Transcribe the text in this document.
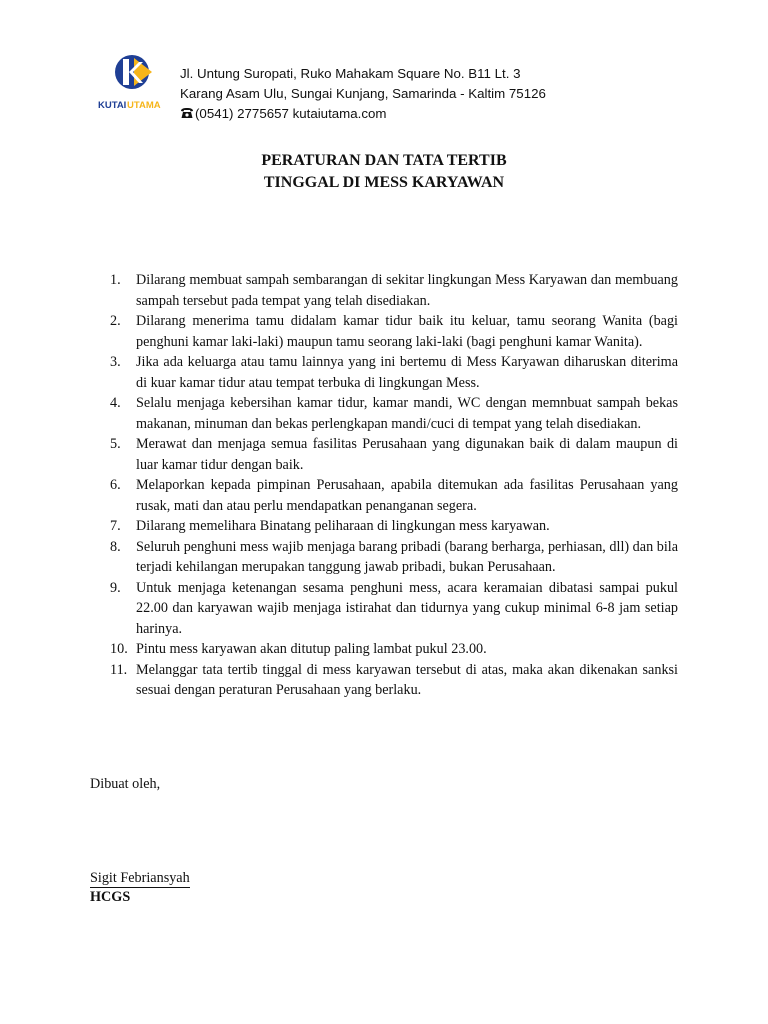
KUTAI UTAMA
Jl. Untung Suropati, Ruko Mahakam Square No. B11 Lt. 3
Karang Asam Ulu, Sungai Kunjang, Samarinda - Kaltim 75126
(0541) 2775657 kutaiutama.com
PERATURAN DAN TATA TERTIB
TINGGAL DI MESS KARYAWAN
1. Dilarang membuat sampah sembarangan di sekitar lingkungan Mess Karyawan dan membuang sampah tersebut pada tempat yang telah disediakan.
2. Dilarang menerima tamu didalam kamar tidur baik itu keluar, tamu seorang Wanita (bagi penghuni kamar laki-laki) maupun tamu seorang laki-laki (bagi penghuni kamar Wanita).
3. Jika ada keluarga atau tamu lainnya yang ini bertemu di Mess Karyawan diharuskan diterima di kuar kamar tidur atau tempat terbuka di lingkungan Mess.
4. Selalu menjaga kebersihan kamar tidur, kamar mandi, WC dengan memnbuat sampah bekas makanan, minuman dan bekas perlengkapan mandi/cuci di tempat yang telah disediakan.
5. Merawat dan menjaga semua fasilitas Perusahaan yang digunakan baik di dalam maupun di luar kamar tidur dengan baik.
6. Melaporkan kepada pimpinan Perusahaan, apabila ditemukan ada fasilitas Perusahaan yang rusak, mati dan atau perlu mendapatkan penanganan segera.
7. Dilarang memelihara Binatang peliharaan di lingkungan mess karyawan.
8. Seluruh penghuni mess wajib menjaga barang pribadi (barang berharga, perhiasan, dll) dan bila terjadi kehilangan merupakan tanggung jawab pribadi, bukan Perusahaan.
9. Untuk menjaga ketenangan sesama penghuni mess, acara keramaian dibatasi sampai pukul 22.00 dan karyawan wajib menjaga istirahat dan tidurnya yang cukup minimal 6-8 jam setiap harinya.
10. Pintu mess karyawan akan ditutup paling lambat pukul 23.00.
11. Melanggar tata tertib tinggal di mess karyawan tersebut di atas, maka akan dikenakan sanksi sesuai dengan peraturan Perusahaan yang berlaku.
Dibuat oleh,
Sigit Febriansyah
HCGS
